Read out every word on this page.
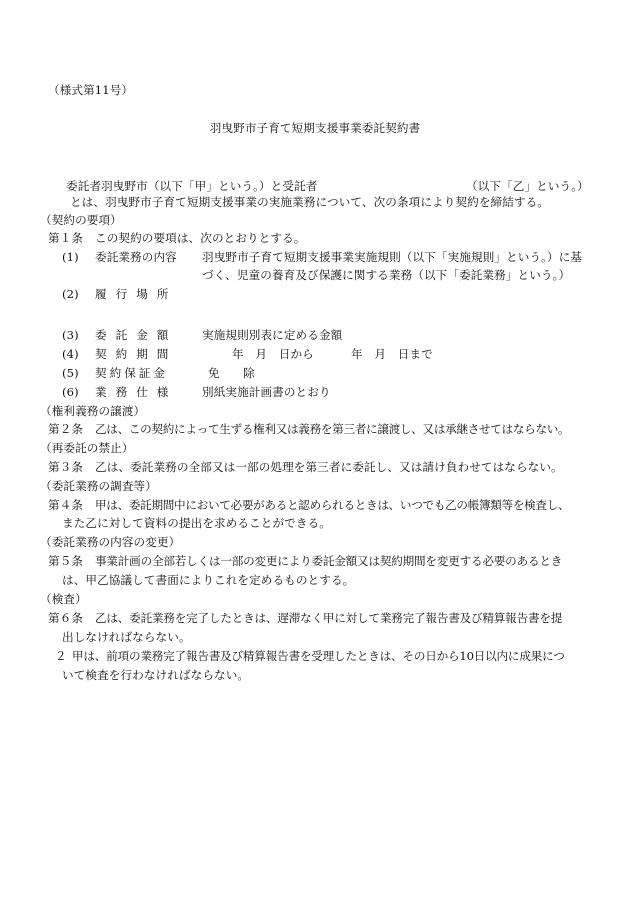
（様式第11号）
羽曳野市子育て短期支援事業委託契約書
委託者羽曳野市（以下「甲」という。）と受託者	（以下「乙」という。）
とは、羽曳野市子育て短期支援事業の実施業務について、次の条項により契約を締結する。
（契約の要項）
第１条 この契約の要項は、次のとおりとする。
(1) 委託業務の内容 羽曳野市子育て短期支援事業実施規則（以下「実施規則」という。）に基
づく、児童の養育及び保護に関する業務（以下「委託業務」という。）
(2) 履行場所
(3) 委託金額 実施規則別表に定める金額
(4) 契約期間	年　月　日から	年　月　日まで
(5) 契約保証金	免　　除
(6) 業務仕様 別紙実施計画書のとおり
（権利義務の譲渡）
第２条 乙は、この契約によって生ずる権利又は義務を第三者に譲渡し、又は承継させてはならない。
（再委託の禁止）
第３条 乙は、委託業務の全部又は一部の処理を第三者に委託し、又は請け負わせてはならない。
（委託業務の調査等）
第４条 甲は、委託期間中において必要があると認められるときは、いつでも乙の帳簿類等を検査し、
また乙に対して資料の提出を求めることができる。
（委託業務の内容の変更）
第５条 事業計画の全部若しくは一部の変更により委託金額又は契約期間を変更する必要のあるとき
は、甲乙協議して書面によりこれを定めるものとする。
（検査）
第６条 乙は、委託業務を完了したときは、遅滞なく甲に対して業務完了報告書及び精算報告書を提
出しなければならない。
２ 甲は、前項の業務完了報告書及び精算報告書を受理したときは、その日から10日以内に成果につ
いて検査を行わなければならない。
